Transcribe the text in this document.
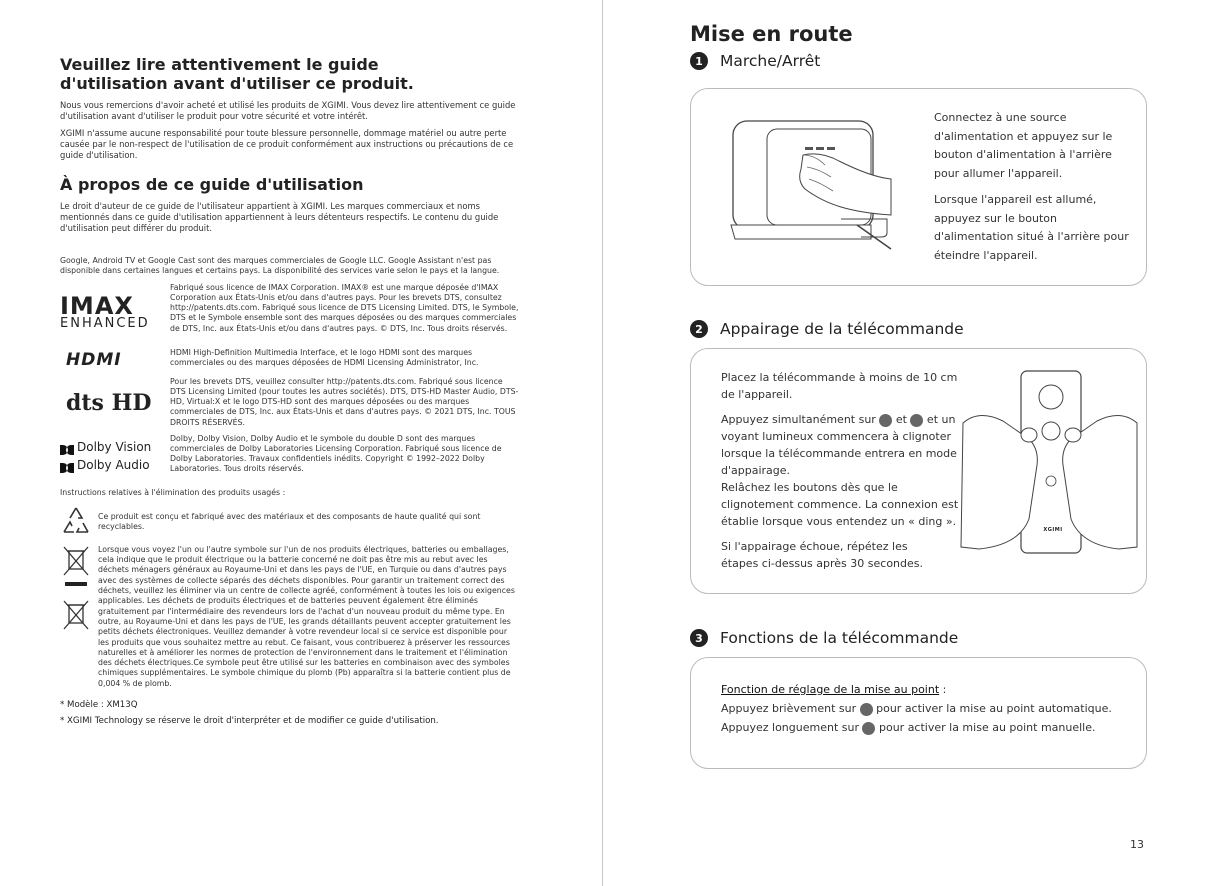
Veuillez lire attentivement le guide d'utilisation avant d'utiliser ce produit.
Nous vous remercions d'avoir acheté et utilisé les produits de XGIMI. Vous devez lire attentivement ce guide d'utilisation avant d'utiliser le produit pour votre sécurité et votre intérêt.
XGIMI n'assume aucune responsabilité pour toute blessure personnelle, dommage matériel ou autre perte causée par le non-respect de l'utilisation de ce produit conformément aux instructions ou précautions de ce guide d'utilisation.
À propos de ce guide d'utilisation
Le droit d'auteur de ce guide de l'utilisateur appartient à XGIMI. Les marques commerciaux et noms mentionnés dans ce guide d'utilisation appartiennent à leurs détenteurs respectifs. Le contenu du guide d'utilisation peut différer du produit.
Google, Android TV et Google Cast sont des marques commerciales de Google LLC. Google Assistant n'est pas disponible dans certaines langues et certains pays. La disponibilité des services varie selon le pays et la langue.
IMAX
ENHANCED
Fabriqué sous licence de IMAX Corporation. IMAX® est une marque déposée d'IMAX Corporation aux États-Unis et/ou dans d'autres pays. Pour les brevets DTS, consultez http://patents.dts.com. Fabriqué sous licence de DTS Licensing Limited. DTS, le Symbole, DTS et le Symbole ensemble sont des marques déposées ou des marques commerciales de DTS, Inc. aux États-Unis et/ou dans d'autres pays. © DTS, Inc. Tous droits réservés.
HDMI	HDMI High-Definition Multimedia Interface, et le logo HDMI sont des marques commerciales ou des marques déposées de HDMI Licensing Administrator, Inc.
dts HD
Pour les brevets DTS, veuillez consulter http://patents.dts.com. Fabriqué sous licence DTS Licensing Limited (pour toutes les autres sociétés). DTS, DTS-HD Master Audio, DTS-HD, Virtual:X et le logo DTS-HD sont des marques déposées ou des marques commerciales de DTS, Inc. aux États-Unis et dans d'autres pays. © 2021 DTS, Inc. TOUS DROITS RÉSERVÉS.
Dolby Vision
Dolby Audio
Dolby, Dolby Vision, Dolby Audio et le symbole du double D sont des marques commerciales de Dolby Laboratories Licensing Corporation. Fabriqué sous licence de Dolby Laboratories. Travaux confidentiels inédits. Copyright © 1992–2022 Dolby Laboratories. Tous droits réservés.
Instructions relatives à l'élimination des produits usagés :
Ce produit est conçu et fabriqué avec des matériaux et des composants de haute qualité qui sont recyclables.
Lorsque vous voyez l'un ou l'autre symbole sur l'un de nos produits électriques, batteries ou emballages, cela indique que le produit électrique ou la batterie concerné ne doit pas être mis au rebut avec les déchets ménagers généraux au Royaume-Uni et dans les pays de l'UE, en Turquie ou dans d'autres pays avec des systèmes de collecte séparés des déchets disponibles. Pour garantir un traitement correct des déchets, veuillez les éliminer via un centre de collecte agréé, conformément à toutes les lois ou exigences applicables. Les déchets de produits électriques et de batteries peuvent également être éliminés gratuitement par l'intermédiaire des revendeurs lors de l'achat d'un nouveau produit du même type. En outre, au Royaume-Uni et dans les pays de l'UE, les grands détaillants peuvent accepter gratuitement les petits déchets électroniques. Veuillez demander à votre revendeur local si ce service est disponible pour les produits que vous souhaitez mettre au rebut. Ce faisant, vous contribuerez à préserver les ressources naturelles et à améliorer les normes de protection de l'environnement dans le traitement et l'élimination des déchets électriques.Ce symbole peut être utilisé sur les batteries en combinaison avec des symboles chimiques supplémentaires. Le symbole chimique du plomb (Pb) apparaîtra si la batterie contient plus de 0,004 % de plomb.
* Modèle : XM13Q
* XGIMI Technology se réserve le droit d'interpréter et de modifier ce guide d'utilisation.
Mise en route
1	Marche/Arrêt
Connectez à une source d'alimentation et appuyez sur le bouton d'alimentation à l'arrière pour allumer l'appareil.
Lorsque l'appareil est allumé, appuyez sur le bouton d'alimentation situé à l'arrière pour éteindre l'appareil.
2	Appairage de la télécommande
Placez la télécommande à moins de 10 cm de l'appareil.
Appuyez simultanément sur et et un voyant lumineux commencera à clignoter lorsque la télécommande entrera en mode d'appairage.
Relâchez les boutons dès que le clignotement commence. La connexion est établie lorsque vous entendez un « ding ».
Si l'appairage échoue, répétez les étapes ci-dessus après 30 secondes.
XGIMI
3	Fonctions de la télécommande
Fonction de réglage de la mise au point :
Appuyez brièvement sur pour activer la mise au point automatique.
Appuyez longuement sur pour activer la mise au point manuelle.
13
